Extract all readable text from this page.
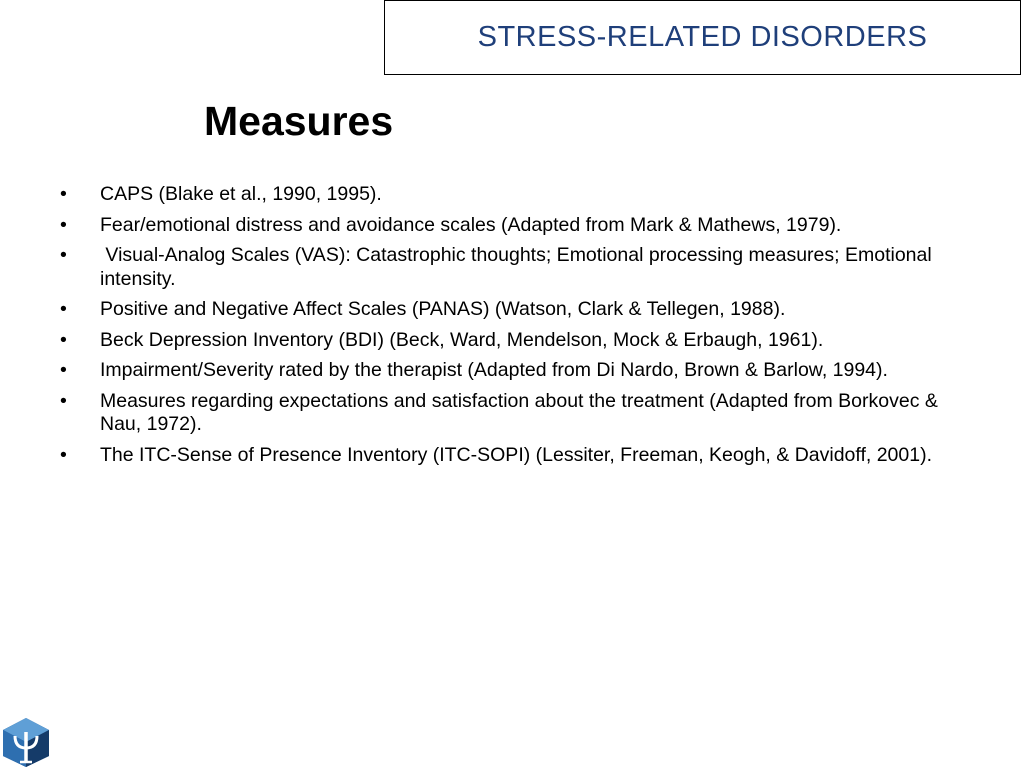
STRESS-RELATED DISORDERS
Measures
•	CAPS (Blake et al., 1990, 1995).
•	Fear/emotional distress and avoidance scales (Adapted from Mark & Mathews, 1979).
•	Visual-Analog Scales (VAS): Catastrophic thoughts; Emotional processing measures; Emotional intensity.
•	Positive and Negative Affect Scales (PANAS) (Watson, Clark & Tellegen, 1988).
•	Beck Depression Inventory (BDI) (Beck, Ward, Mendelson, Mock & Erbaugh, 1961).
•	Impairment/Severity rated by the therapist (Adapted from Di Nardo, Brown & Barlow, 1994).
•	Measures regarding expectations and satisfaction about the treatment (Adapted from Borkovec & Nau, 1972).
•	The ITC-Sense of Presence Inventory (ITC-SOPI) (Lessiter, Freeman, Keogh, & Davidoff, 2001).
